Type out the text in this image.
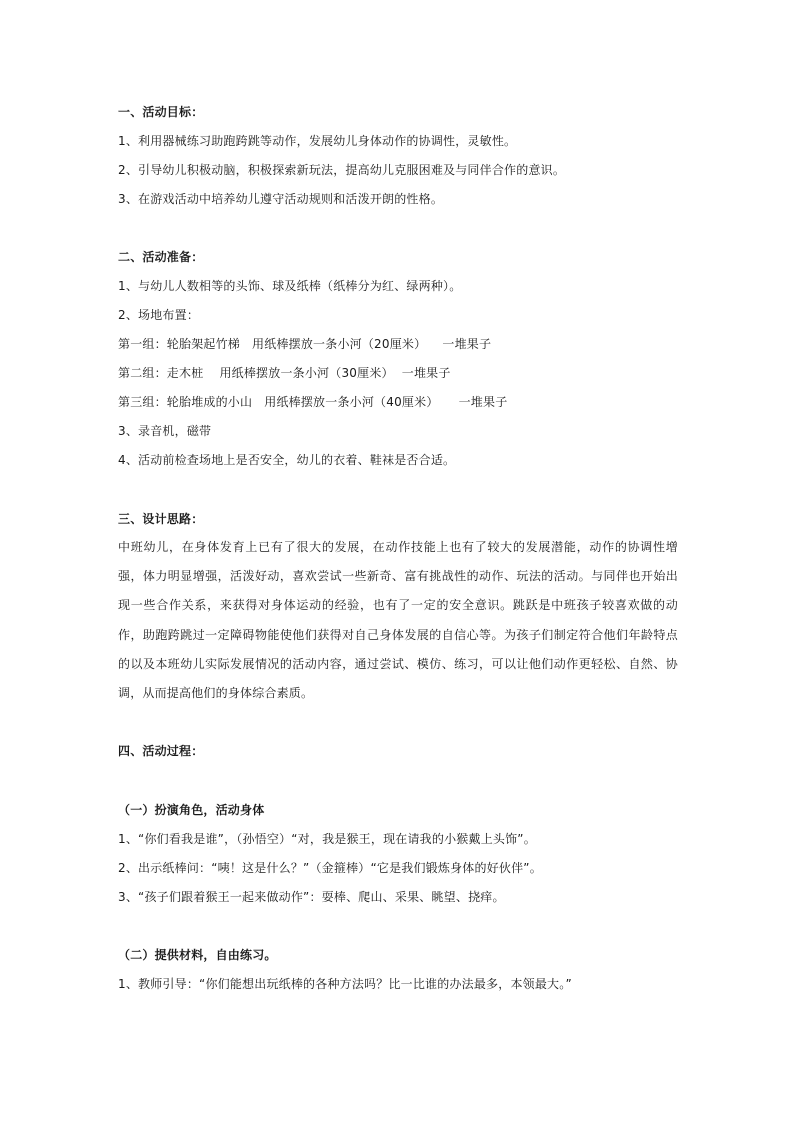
一、活动目标：
1、利用器械练习助跑跨跳等动作，发展幼儿身体动作的协调性，灵敏性。
2、引导幼儿积极动脑，积极探索新玩法，提高幼儿克服困难及与同伴合作的意识。
3、在游戏活动中培养幼儿遵守活动规则和活泼开朗的性格。
二、活动准备：
1、与幼儿人数相等的头饰、球及纸棒（纸棒分为红、绿两种）。
2、场地布置：
第一组：轮胎架起竹梯   用纸棒摆放一条小河（20厘米）    一堆果子
第二组：走木桩    用纸棒摆放一条小河（30厘米）  一堆果子
第三组：轮胎堆成的小山   用纸棒摆放一条小河（40厘米）     一堆果子
3、录音机，磁带
4、活动前检查场地上是否安全，幼儿的衣着、鞋袜是否合适。
三、设计思路：
中班幼儿，在身体发育上已有了很大的发展，在动作技能上也有了较大的发展潜能，动作的协调性增强，体力明显增强，活泼好动，喜欢尝试一些新奇、富有挑战性的动作、玩法的活动。与同伴也开始出现一些合作关系，来获得对身体运动的经验，也有了一定的安全意识。跳跃是中班孩子较喜欢做的动作，助跑跨跳过一定障碍物能使他们获得对自己身体发展的自信心等。为孩子们制定符合他们年龄特点的以及本班幼儿实际发展情况的活动内容，通过尝试、模仿、练习，可以让他们动作更轻松、自然、协调，从而提高他们的身体综合素质。
四、活动过程：
（一）扮演角色，活动身体
1、“你们看我是谁”，（孙悟空）“对，我是猴王，现在请我的小猴戴上头饰”。
2、出示纸棒问：“咦！这是什么？”（金箍棒）“它是我们锻炼身体的好伙伴”。
3、“孩子们跟着猴王一起来做动作”：耍棒、爬山、采果、眺望、挠痒。
（二）提供材料，自由练习。
1、教师引导：“你们能想出玩纸棒的各种方法吗？比一比谁的办法最多，本领最大。”
